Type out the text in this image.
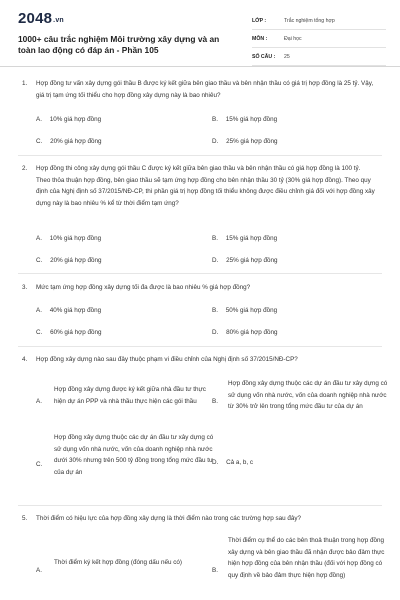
2048.vn
1000+ câu trắc nghiệm Môi trường xây dựng và an toàn lao động có đáp án - Phần 105
LỚP :	Trắc nghiệm tổng hợp
MÔN :	Đại học
SỐ CÂU :	25
1. Hợp đồng tư vấn xây dựng gói thầu B được ký kết giữa bên giao thầu và bên nhận thầu có giá trị hợp đồng là 25 tỷ. Vậy, giá trị tạm ứng tối thiểu cho hợp đồng xây dựng này là bao nhiêu?
A. 10% giá hợp đồng	B. 15% giá hợp đồng
C. 20% giá hợp đồng	D. 25% giá hợp đồng
2. Hợp đồng thi công xây dựng gói thầu C được ký kết giữa bên giao thầu và bên nhận thầu có giá hợp đồng là 100 tỷ. Theo thỏa thuận hợp đồng, bên giao thầu sẽ tạm ứng hợp đồng cho bên nhận thầu 30 tỷ (30% giá hợp đồng). Theo quy định của Nghị định số 37/2015/NĐ-CP, thì phần giá trị hợp đồng tối thiểu không được điều chỉnh giá đối với hợp đồng xây dựng này là bao nhiêu % kể từ thời điểm tạm ứng?
A. 10% giá hợp đồng	B. 15% giá hợp đồng
C. 20% giá hợp đồng	D. 25% giá hợp đồng
3. Mức tạm ứng hợp đồng xây dựng tối đa được là bao nhiêu % giá hợp đồng?
A. 40% giá hợp đồng	B. 50% giá hợp đồng
C. 60% giá hợp đồng	D. 80% giá hợp đồng
4. Hợp đồng xây dựng nào sau đây thuộc phạm vi điều chỉnh của Nghị định số 37/2015/NĐ-CP?
A.
Hợp đồng xây dựng được ký kết giữa nhà đầu tư thực hiện dự án PPP và nhà thầu thực hiện các gói thầu	B.
Hợp đồng xây dựng thuộc các dự án đầu tư xây dựng có sử dụng vốn nhà nước, vốn của doanh nghiệp nhà nước từ 30% trở lên trong tổng mức đầu tư của dự án
C.
Hợp đồng xây dựng thuộc các dự án đầu tư xây dựng có sử dụng vốn nhà nước, vốn của doanh nghiệp nhà nước dưới 30% nhưng trên 500 tỷ đồng trong tổng mức đầu tư của dự án
D. Cả a, b, c
5. Thời điểm có hiệu lực của hợp đồng xây dựng là thời điểm nào trong các trường hợp sau đây?
A.
Thời điểm ký kết hợp đồng (đóng dấu nếu có)
B.
Thời điểm cụ thể do các bên thoả thuận trong hợp đồng xây dựng và bên giao thầu đã nhận được bảo đảm thực hiện hợp đồng của bên nhận thầu (đối với hợp đồng có quy định về bảo đảm thực hiện hợp đồng)
